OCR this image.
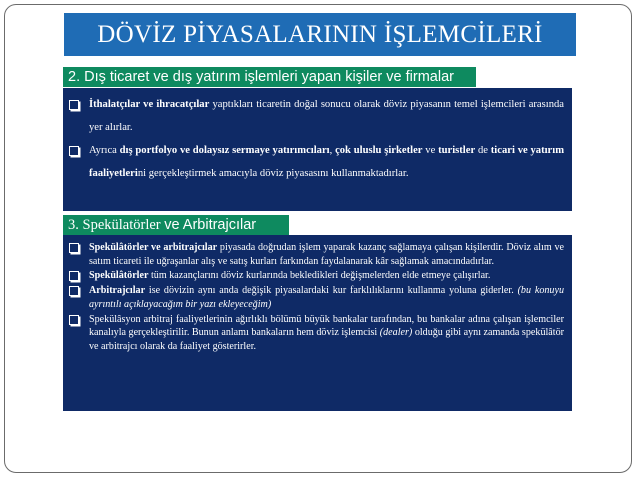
DÖVİZ PİYASALARININ İŞLEMCİLERİ
2. Dış ticaret ve dış yatırım işlemleri yapan kişiler ve firmalar

İthalatçılar ve ihracatçılar yaptıkları ticaretin doğal sonucu olarak döviz piyasanın temel işlemcileri arasında yer alırlar.

Ayrıca dış portfolyo ve dolaysız sermaye yatırımcıları, çok uluslu şirketler ve turistler de ticari ve yatırım faaliyetlerini gerçekleştirmek amacıyla döviz piyasasını kullanmaktadırlar.

3. Spekülatörler ve Arbitrajcılar

Spekülâtörler ve arbitrajcılar piyasada doğrudan işlem yaparak kazanç sağlamaya çalışan kişilerdir. Döviz alım ve satım ticareti ile uğraşanlar alış ve satış kurları farkından faydalanarak kâr sağlamak amacındadırlar.

Spekülâtörler tüm kazançlarını döviz kurlarında bekledikleri değişmelerden elde etmeye çalışırlar.

Arbitrajcılar ise dövizin aynı anda değişik piyasalardaki kur farklılıklarını kullanma yoluna giderler. (bu konuyu ayrıntılı açıklayacağım bir yazı ekleyeceğim)

Spekülâsyon arbitraj faaliyetlerinin ağırlıklı bölümü büyük bankalar tarafından, bu bankalar adına çalışan işlemciler kanalıyla gerçekleştirilir. Bunun anlamı bankaların hem döviz işlemcisi (dealer) olduğu gibi aynı zamanda spekülâtör ve arbitrajcı olarak da faaliyet gösterirler.
